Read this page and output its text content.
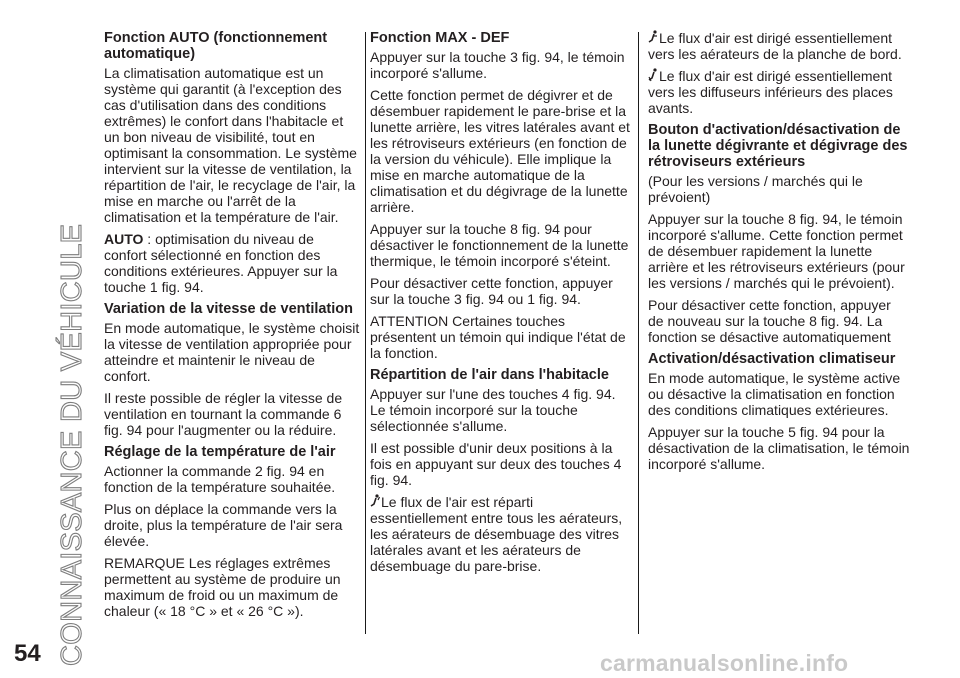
CONNAISSANCE DU VÉHICULE
54
Fonction AUTO (fonctionnement automatique)
La climatisation automatique est un système qui garantit (à l'exception des cas d'utilisation dans des conditions extrêmes) le confort dans l'habitacle et un bon niveau de visibilité, tout en optimisant la consommation. Le système intervient sur la vitesse de ventilation, la répartition de l'air, le recyclage de l'air, la mise en marche ou l'arrêt de la climatisation et la température de l'air.
AUTO : optimisation du niveau de confort sélectionné en fonction des conditions extérieures. Appuyer sur la touche 1 fig. 94.
Variation de la vitesse de ventilation
En mode automatique, le système choisit la vitesse de ventilation appropriée pour atteindre et maintenir le niveau de confort.
Il reste possible de régler la vitesse de ventilation en tournant la commande 6 fig. 94 pour l'augmenter ou la réduire.
Réglage de la température de l'air
Actionner la commande 2 fig. 94 en fonction de la température souhaitée.
Plus on déplace la commande vers la droite, plus la température de l'air sera élevée.
REMARQUE Les réglages extrêmes permettent au système de produire un maximum de froid ou un maximum de chaleur (« 18 °C » et « 26 °C »).
Fonction MAX - DEF
Appuyer sur la touche 3 fig. 94, le témoin incorporé s'allume.
Cette fonction permet de dégivrer et de désembuer rapidement le pare-brise et la lunette arrière, les vitres latérales avant et les rétroviseurs extérieurs (en fonction de la version du véhicule). Elle implique la mise en marche automatique de la climatisation et du dégivrage de la lunette arrière.
Appuyer sur la touche 8 fig. 94 pour désactiver le fonctionnement de la lunette thermique, le témoin incorporé s'éteint.
Pour désactiver cette fonction, appuyer sur la touche 3 fig. 94 ou 1 fig. 94.
ATTENTION Certaines touches présentent un témoin qui indique l'état de la fonction.
Répartition de l'air dans l'habitacle
Appuyer sur l'une des touches 4 fig. 94. Le témoin incorporé sur la touche sélectionnée s'allume.
Il est possible d'unir deux positions à la fois en appuyant sur deux des touches 4 fig. 94.
Le flux de l'air est réparti essentiellement entre tous les aérateurs, les aérateurs de désembuage des vitres latérales avant et les aérateurs de désembuage du pare-brise.
Le flux d'air est dirigé essentiellement vers les aérateurs de la planche de bord.
Le flux d'air est dirigé essentiellement vers les diffuseurs inférieurs des places avants.
Bouton d'activation/désactivation de la lunette dégivrante et dégivrage des rétroviseurs extérieurs
(Pour les versions / marchés qui le prévoient)
Appuyer sur la touche 8 fig. 94, le témoin incorporé s'allume. Cette fonction permet de désembuer rapidement la lunette arrière et les rétroviseurs extérieurs (pour les versions / marchés qui le prévoient).
Pour désactiver cette fonction, appuyer de nouveau sur la touche 8 fig. 94. La fonction se désactive automatiquement
Activation/désactivation climatiseur
En mode automatique, le système active ou désactive la climatisation en fonction des conditions climatiques extérieures.
Appuyer sur la touche 5 fig. 94 pour la désactivation de la climatisation, le témoin incorporé s'allume.
carmanualsonline.info
